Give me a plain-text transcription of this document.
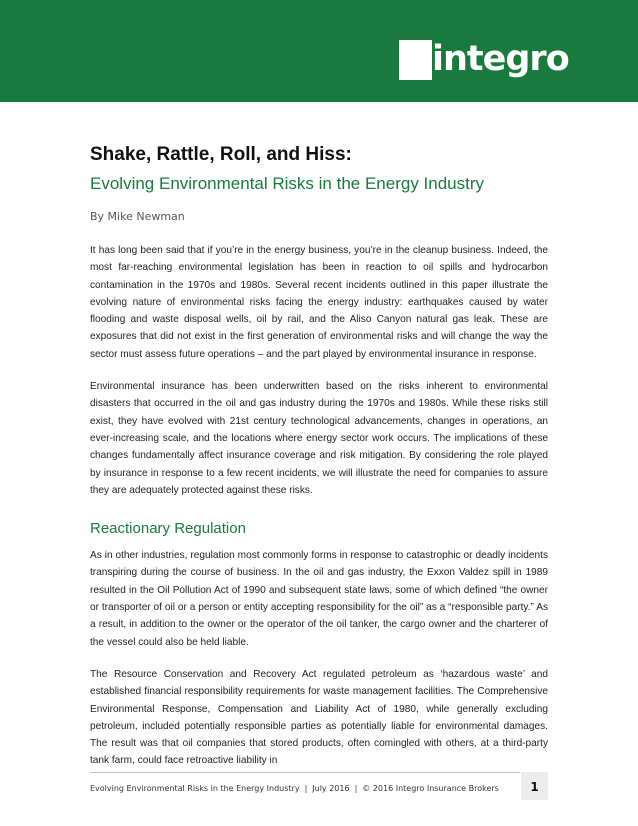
integro
Shake, Rattle, Roll, and Hiss:
Evolving Environmental Risks in the Energy Industry
By Mike Newman

It has long been said that if you’re in the energy business, you’re in the cleanup business. Indeed, the most far-reaching environmental legislation has been in reaction to oil spills and hydrocarbon contamination in the 1970s and 1980s. Several recent incidents outlined in this paper illustrate the evolving nature of environmental risks facing the energy industry: earthquakes caused by water flooding and waste disposal wells, oil by rail, and the Aliso Canyon natural gas leak. These are exposures that did not exist in the first generation of environmental risks and will change the way the sector must assess future operations – and the part played by environmental insurance in response.

Environmental insurance has been underwritten based on the risks inherent to environmental disasters that occurred in the oil and gas industry during the 1970s and 1980s. While these risks still exist, they have evolved with 21st century technological advancements, changes in operations, an ever-increasing scale, and the locations where energy sector work occurs. The implications of these changes fundamentally affect insurance coverage and risk mitigation. By considering the role played by insurance in response to a few recent incidents, we will illustrate the need for companies to assure they are adequately protected against these risks.

Reactionary Regulation

As in other industries, regulation most commonly forms in response to catastrophic or deadly incidents transpiring during the course of business. In the oil and gas industry, the Exxon Valdez spill in 1989 resulted in the Oil Pollution Act of 1990 and subsequent state laws, some of which defined “the owner or transporter of oil or a person or entity accepting responsibility for the oil” as a “responsible party.” As a result, in addition to the owner or the operator of the oil tanker, the cargo owner and the charterer of the vessel could also be held liable.

The Resource Conservation and Recovery Act regulated petroleum as ‘hazardous waste’ and established financial responsibility requirements for waste management facilities. The Comprehensive Environmental Response, Compensation and Liability Act of 1980, while generally excluding petroleum, included potentially responsible parties as potentially liable for environmental damages. The result was that oil companies that stored products, often comingled with others, at a third-party tank farm, could face retroactive liability in

Evolving Environmental Risks in the Energy Industry | July 2016 | © 2016 Integro Insurance Brokers	1
